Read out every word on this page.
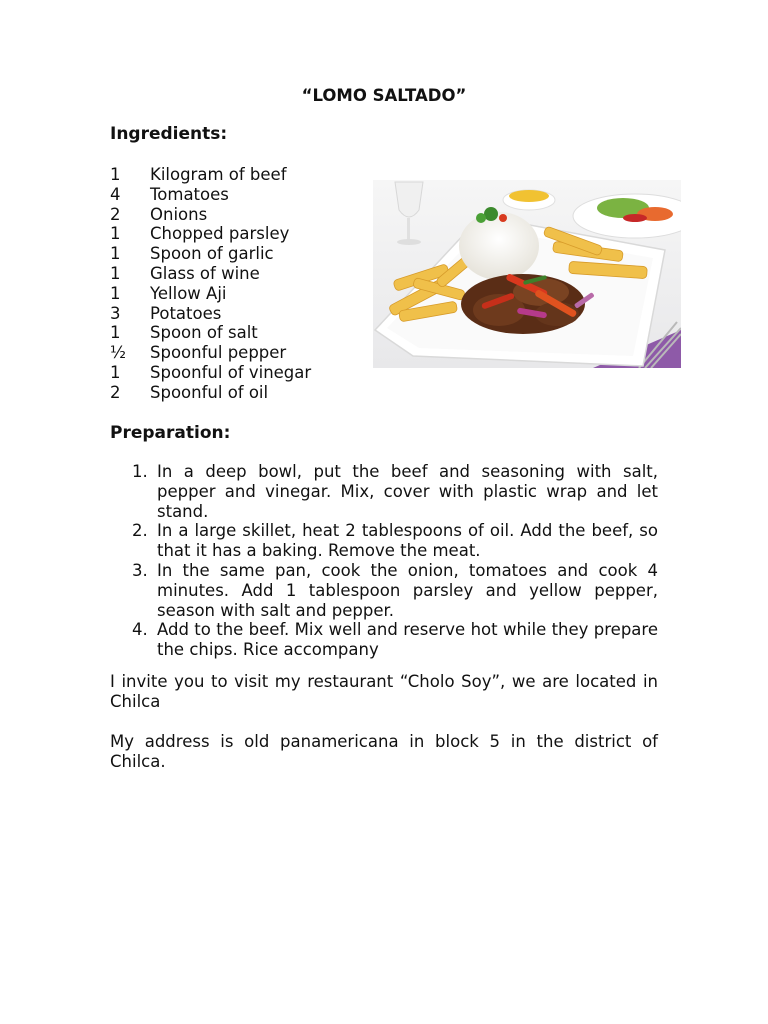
“LOMO SALTADO”
Ingredients:
1 Kilogram of beef
4 Tomatoes
2 Onions
1 Chopped parsley
1 Spoon of garlic
1 Glass of wine
1 Yellow Aji
3 Potatoes
1 Spoon of salt
½ Spoonful pepper
1 Spoonful of vinegar
2 Spoonful of oil
Preparation:
1. In a deep bowl, put the beef and seasoning with salt, pepper and vinegar. Mix, cover with plastic wrap and let stand.
2. In a large skillet, heat 2 tablespoons of oil. Add the beef, so that it has a baking. Remove the meat.
3. In the same pan, cook the onion, tomatoes and cook 4 minutes. Add 1 tablespoon parsley and yellow pepper, season with salt and pepper.
4. Add to the beef. Mix well and reserve hot while they prepare the chips. Rice accompany

I invite you to visit my restaurant “Cholo Soy”, we are located in Chilca

My address is old panamericana in block 5 in the district of Chilca.
